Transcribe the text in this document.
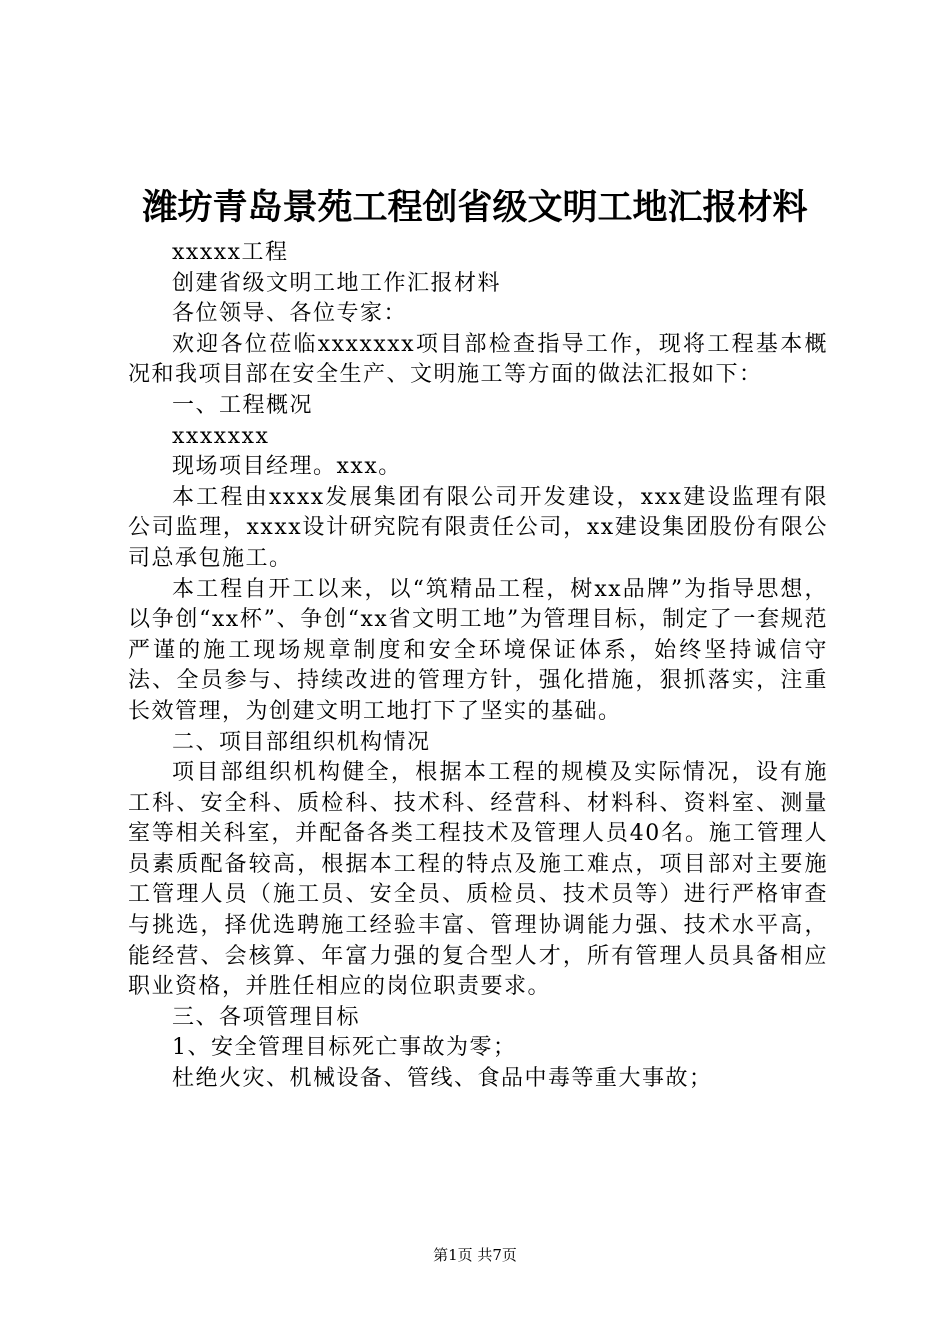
潍坊青岛景苑工程创省级文明工地汇报材料

xxxxx工程

创建省级文明工地工作汇报材料

各位领导、各位专家：

欢迎各位莅临xxxxxxx项目部检查指导工作，现将工程基本概况和我项目部在安全生产、文明施工等方面的做法汇报如下：

一、工程概况

xxxxxxx

现场项目经理。xxx。

本工程由xxxx发展集团有限公司开发建设，xxx建设监理有限公司监理，xxxx设计研究院有限责任公司，xx建设集团股份有限公司总承包施工。

本工程自开工以来，以“筑精品工程，树xx品牌”为指导思想，以争创“xx杯”、争创“xx省文明工地”为管理目标，制定了一套规范严谨的施工现场规章制度和安全环境保证体系，始终坚持诚信守法、全员参与、持续改进的管理方针，强化措施，狠抓落实，注重长效管理，为创建文明工地打下了坚实的基础。

二、项目部组织机构情况

项目部组织机构健全，根据本工程的规模及实际情况，设有施工科、安全科、质检科、技术科、经营科、材料科、资料室、测量室等相关科室，并配备各类工程技术及管理人员40名。施工管理人员素质配备较高，根据本工程的特点及施工难点，项目部对主要施工管理人员（施工员、安全员、质检员、技术员等）进行严格审查与挑选，择优选聘施工经验丰富、管理协调能力强、技术水平高，能经营、会核算、年富力强的复合型人才，所有管理人员具备相应职业资格，并胜任相应的岗位职责要求。

三、各项管理目标

1、安全管理目标死亡事故为零；

杜绝火灾、机械设备、管线、食品中毒等重大事故；

第1页 共7页
